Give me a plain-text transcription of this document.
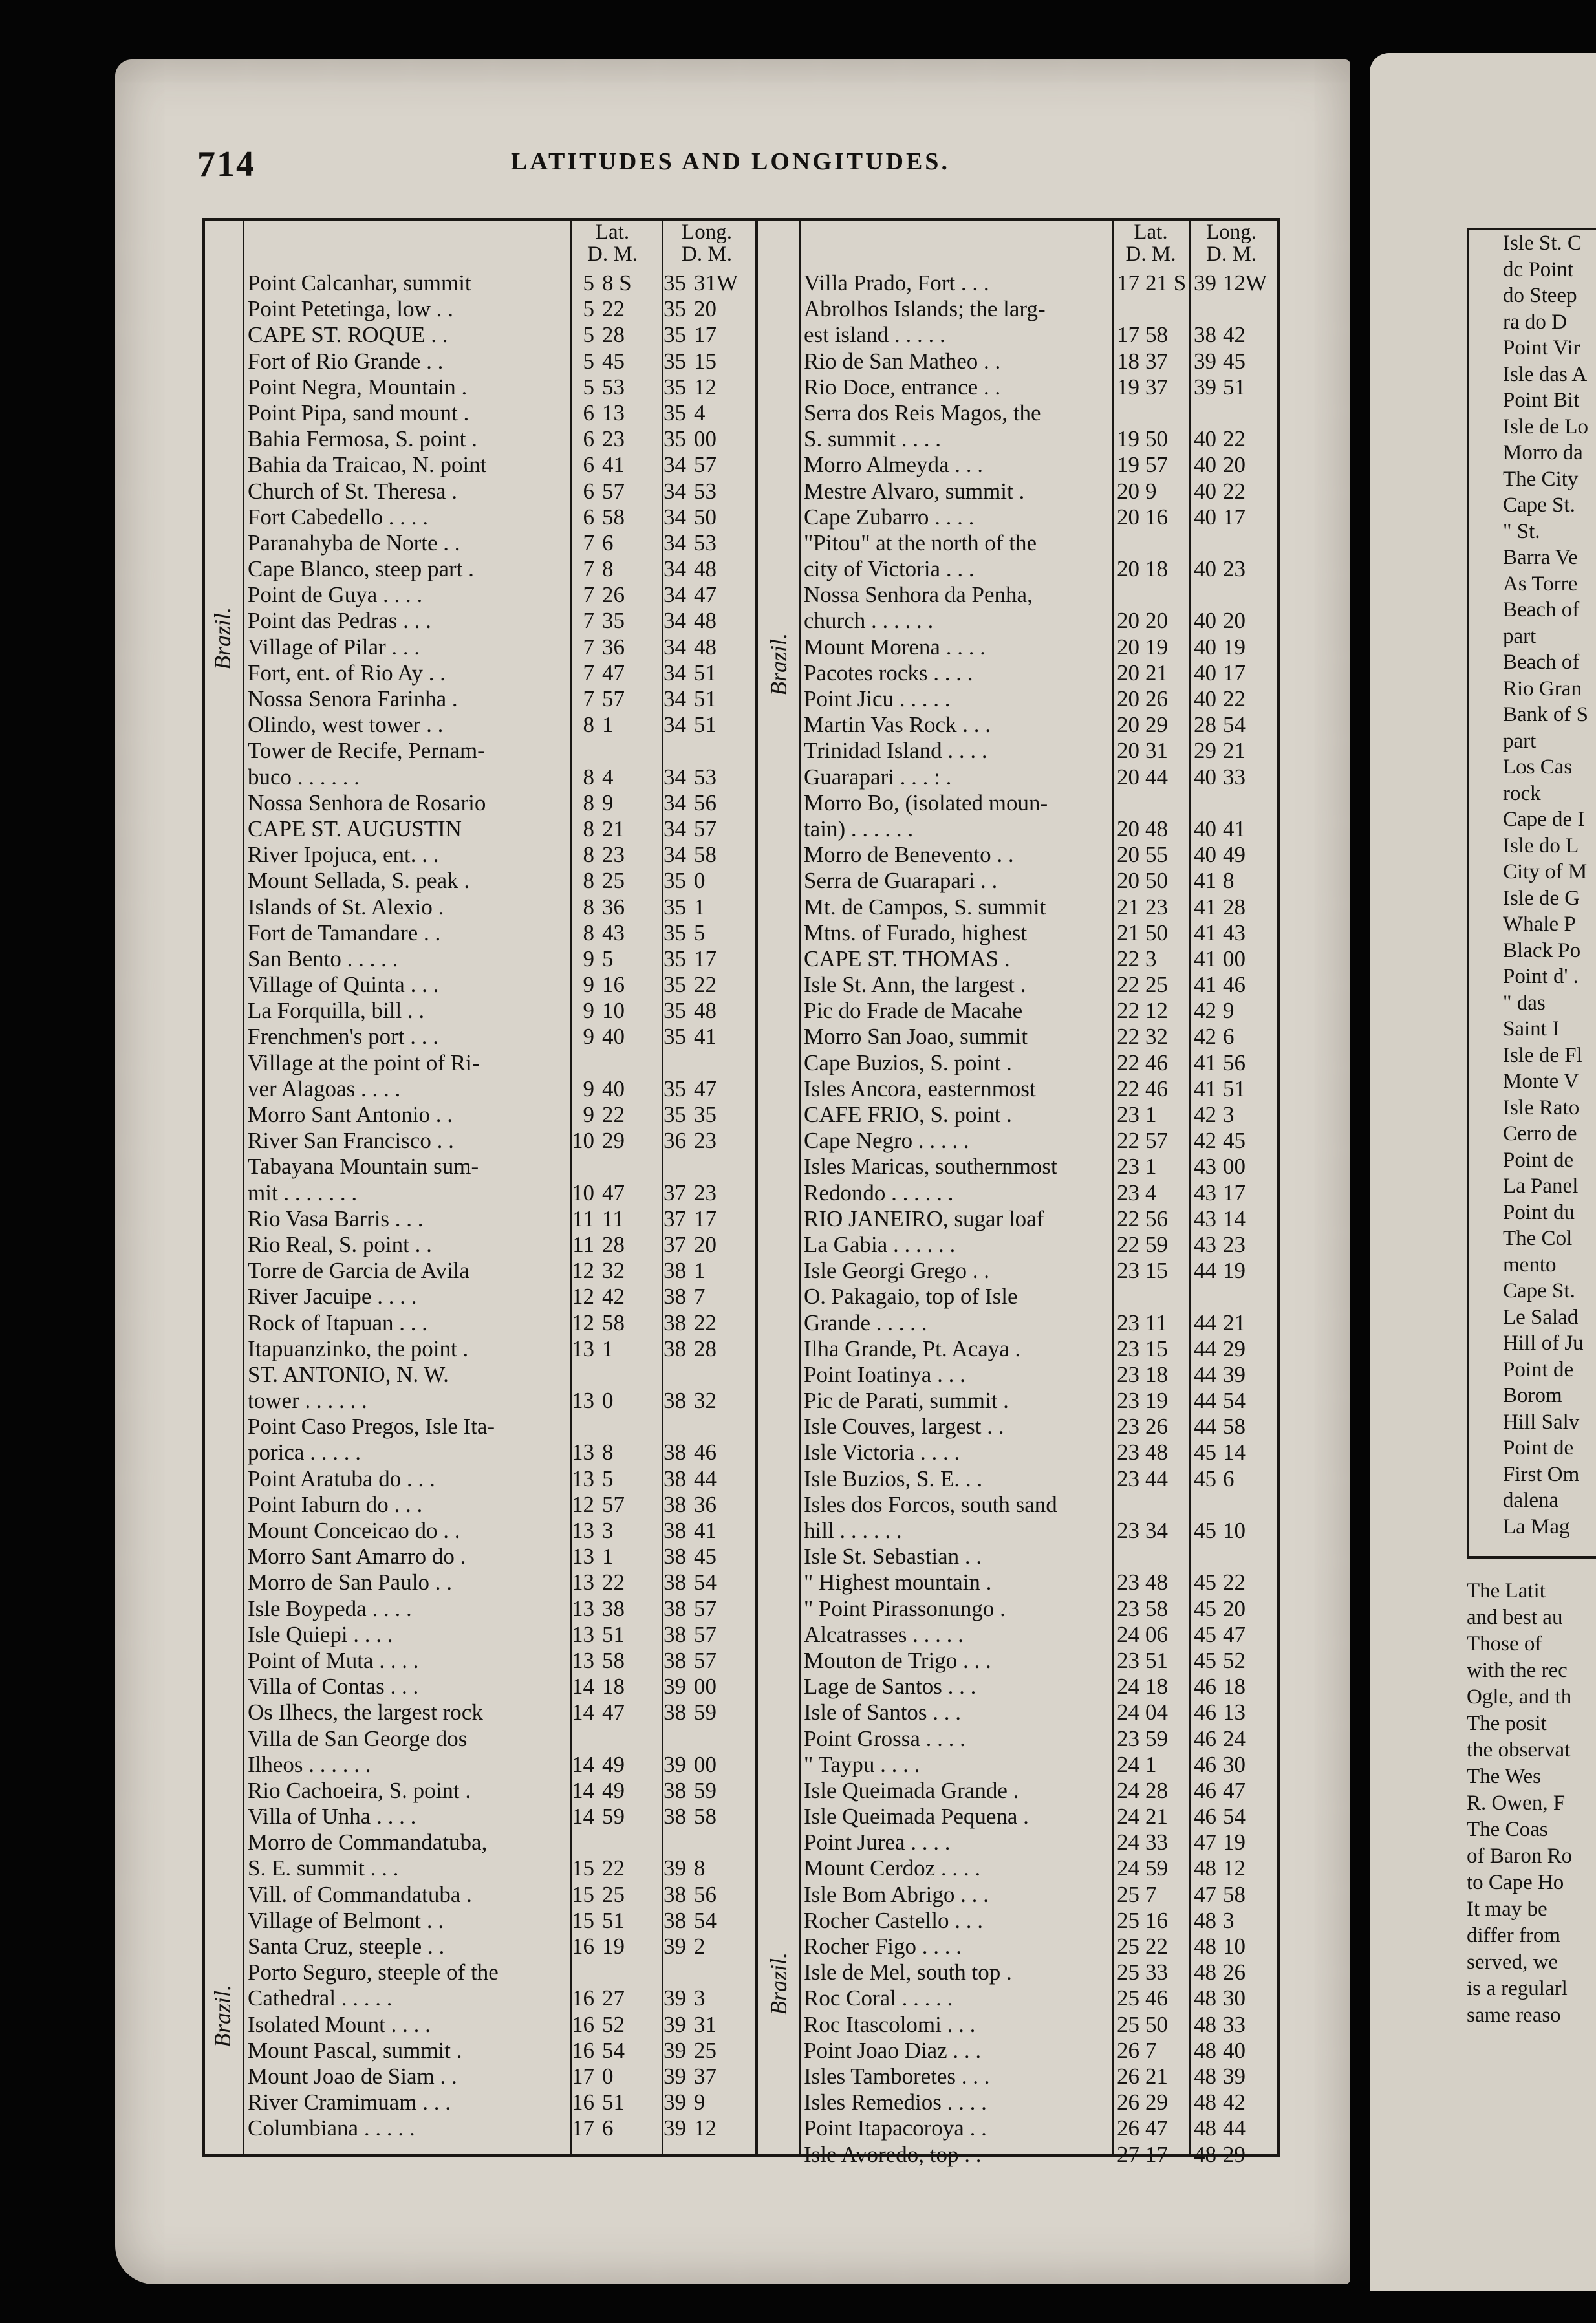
714	LATITUDES AND LONGITUDES.
Brazil.
Brazil.
Lat.
D. M.
Long.
D. M.
Point Calcanhar, summit	5 8 S	35 31W
Point Petetinga, low . .	5 22	35 20
CAPE ST. ROQUE . .	5 28	35 17
Fort of Rio Grande . .	5 45	35 15
Point Negra, Mountain .	5 53	35 12
Point Pipa, sand mount .	6 13	35 4
Bahia Fermosa, S. point .	6 23	35 00
Bahia da Traicao, N. point	6 41	34 57
Church of St. Theresa .	6 57	34 53
Fort Cabedello . . . .	6 58	34 50
Paranahyba de Norte . .	7 6	34 53
Cape Blanco, steep part .	7 8	34 48
Point de Guya . . . .	7 26	34 47
Point das Pedras . . .	7 35	34 48
Village of Pilar . . .	7 36	34 48
Fort, ent. of Rio Ay . .	7 47	34 51
Nossa Senora Farinha .	7 57	34 51
Olindo, west tower . .	8 1	34 51
Tower de Recife, Pernam-
buco . . . . . .	8 4	34 53
Nossa Senhora de Rosario	8 9	34 56
CAPE ST. AUGUSTIN	8 21	34 57
River Ipojuca, ent. . .	8 23	34 58
Mount Sellada, S. peak .	8 25	35 0
Islands of St. Alexio .	8 36	35 1
Fort de Tamandare . .	8 43	35 5
San Bento . . . . .	9 5	35 17
Village of Quinta . . .	9 16	35 22
La Forquilla, bill . .	9 10	35 48
Frenchmen's port . . .	9 40	35 41
Village at the point of Ri-
ver Alagoas . . . .	9 40	35 47
Morro Sant Antonio . .	9 22	35 35
River San Francisco . .	10 29	36 23
Tabayana Mountain sum-
mit . . . . . . .	10 47	37 23
Rio Vasa Barris . . .	11 11	37 17
Rio Real, S. point . .	11 28	37 20
Torre de Garcia de Avila	12 32	38 1
River Jacuipe . . . .	12 42	38 7
Rock of Itapuan . . .	12 58	38 22
Itapuanzinko, the point .	13 1	38 28
ST. ANTONIO, N. W.
tower . . . . . .	13 0	38 32
Point Caso Pregos, Isle Ita-
porica . . . . .	13 8	38 46
Point Aratuba do . . .	13 5	38 44
Point Iaburn do . . .	12 57	38 36
Mount Conceicao do . .	13 3	38 41
Morro Sant Amarro do .	13 1	38 45
Morro de San Paulo . .	13 22	38 54
Isle Boypeda . . . .	13 38	38 57
Isle Quiepi . . . .	13 51	38 57
Point of Muta . . . .	13 58	38 57
Villa of Contas . . .	14 18	39 00
Os Ilhecs, the largest rock	14 47	38 59
Villa de San George dos
Ilheos . . . . . .	14 49	39 00
Rio Cachoeira, S. point .	14 49	38 59
Villa of Unha . . . .	14 59	38 58
Morro de Commandatuba,
S. E. summit . . .	15 22	39 8
Vill. of Commandatuba .	15 25	38 56
Village of Belmont . .	15 51	38 54
Santa Cruz, steeple . .	16 19	39 2
Porto Seguro, steeple of the
Cathedral . . . . .	16 27	39 3
Isolated Mount . . . .	16 52	39 31
Mount Pascal, summit .	16 54	39 25
Mount Joao de Siam . .	17 0	39 37
River Cramimuam . . .	16 51	39 9
Columbiana . . . . .	17 6	39 12
Brazil.
Brazil.
Lat.
D. M.
Long.
D. M.
Villa Prado, Fort . . .	17 21 S 39 12W
Abrolhos Islands; the larg-
est island . . . . .	17 58	38 42
Rio de San Matheo . .	18 37	39 45
Rio Doce, entrance . .	19 37	39 51
Serra dos Reis Magos, the
S. summit . . . .	19 50	40 22
Morro Almeyda . . .	19 57	40 20
Mestre Alvaro, summit .	20 9	40 22
Cape Zubarro . . . .	20 16	40 17
"Pitou" at the north of the
city of Victoria . . .	20 18	40 23
Nossa Senhora da Penha,
church . . . . . .	20 20	40 20
Mount Morena . . . .	20 19	40 19
Pacotes rocks . . . .	20 21	40 17
Point Jicu . . . . .	20 26	40 22
Martin Vas Rock . . .	20 29	28 54
Trinidad Island . . . .	20 31	29 21
Guarapari . . . : .	20 44	40 33
Morro Bo, (isolated moun-
tain) . . . . . .	20 48	40 41
Morro de Benevento . .	20 55	40 49
Serra de Guarapari . .	20 50	41 8
Mt. de Campos, S. summit	21 23	41 28
Mtns. of Furado, highest	21 50	41 43
CAPE ST. THOMAS .	22 3	41 00
Isle St. Ann, the largest .	22 25	41 46
Pic do Frade de Macahe	22 12	42 9
Morro San Joao, summit	22 32	42 6
Cape Buzios, S. point .	22 46	41 56
Isles Ancora, easternmost	22 46	41 51
CAFE FRIO, S. point .	23 1	42 3
Cape Negro . . . . .	22 57	42 45
Isles Maricas, southernmost	23 1	43 00
Redondo . . . . . .	23 4	43 17
RIO JANEIRO, sugar loaf	22 56	43 14
La Gabia . . . . . .	22 59	43 23
Isle Georgi Grego . .	23 15	44 19
O. Pakagaio, top of Isle
Grande . . . . .	23 11	44 21
Ilha Grande, Pt. Acaya .	23 15	44 29
Point Ioatinya . . .	23 18	44 39
Pic de Parati, summit .	23 19	44 54
Isle Couves, largest . .	23 26	44 58
Isle Victoria . . . .	23 48	45 14
Isle Buzios, S. E. . .	23 44	45 6
Isles dos Forcos, south sand
hill . . . . . .	23 34	45 10
Isle St. Sebastian . .
" Highest mountain .	23 48	45 22
" Point Pirassonungo .	23 58	45 20
Alcatrasses . . . . .	24 06	45 47
Mouton de Trigo . . .	23 51	45 52
Lage de Santos . . .	24 18	46 18
Isle of Santos . . .	24 04	46 13
Point Grossa . . . .	23 59	46 24
" Taypu . . . .	24 1	46 30
Isle Queimada Grande .	24 28	46 47
Isle Queimada Pequena .	24 21	46 54
Point Jurea . . . .	24 33	47 19
Mount Cerdoz . . . .	24 59	48 12
Isle Bom Abrigo . . .	25 7	47 58
Rocher Castello . . .	25 16	48 3
Rocher Figo . . . .	25 22	48 10
Isle de Mel, south top .	25 33	48 26
Roc Coral . . . . .	25 46	48 30
Roc Itascolomi . . .	25 50	48 33
Point Joao Diaz . . .	26 7	48 40
Isles Tamboretes . . .	26 21	48 39
Isles Remedios . . . .	26 29	48 42
Point Itapacoroya . .	26 47	48 44
Isle Avoredo, top . .	27 17	48 29
Isle St. C
dc Point
do Steep
ra do D
Point Vir
Isle das A
Point Bit
Isle de Lo
Morro da
The City
Cape St.
" St.
Barra Ve
As Torre
Beach of
part
Beach of
Rio Gran
Bank of S
part
Los Cas
rock
Cape de I
Isle do L
City of M
Isle de G
Whale P
Black Po
Point d' .
" das
Saint I
Isle de Fl
Monte V
Isle Rato
Cerro de
Point de
La Panel
Point du
The Col
mento
Cape St.
Le Salad
Hill of Ju
Point de
Borom
Hill Salv
Point de
First Om
dalena
La Mag
The Latit
and best au
Those of
with the rec
Ogle, and th
The posit
the observat
The Wes
R. Owen, F
The Coas
of Baron Ro
to Cape Ho
It may be
differ from
served, we
is a regularl
same reaso
